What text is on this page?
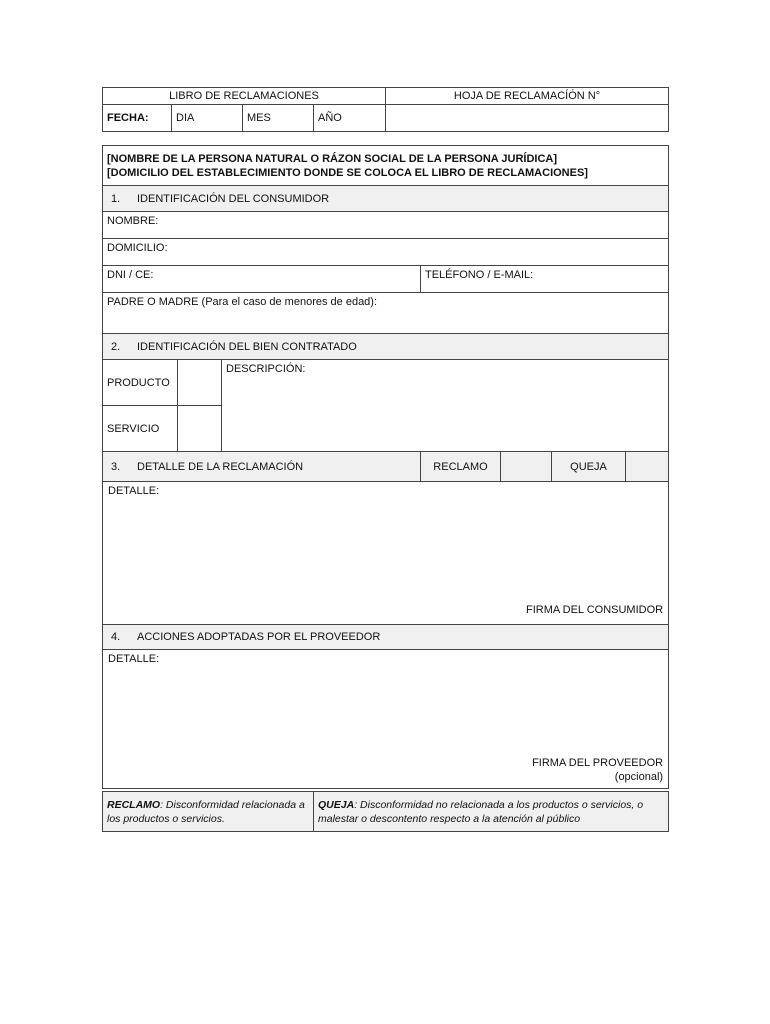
LIBRO DE RECLAMACIONES				HOJA DE RECLAMACÍÓN N°
FECHA:	DIA	MES	AÑO	
[NOMBRE DE LA PERSONA NATURAL O RÁZON SOCIAL DE LA PERSONA JURÍDICA]
[DOMICILIO DEL ESTABLECIMIENTO DONDE SE COLOCA EL LIBRO DE RECLAMACIONES]						

1. IDENTIFICACIÓN DEL CONSUMIDOR						
NOMBRE:						
DOMICILIO:						
DNI / CE:			TELÉFONO / E-MAIL:			
PADRE O MADRE (Para el caso de menores de edad):						
2. IDENTIFICACIÓN DEL BIEN CONTRATADO						
PRODUCTO		DESCRIPCIÓN:				
SERVICIO						
3. DETALLE DE LA RECLAMACIÓN			RECLAMO		QUEJA	

DETALLE:
FIRMA DEL CONSUMIDOR						

4. ACCIONES ADOPTADAS POR EL PROVEEDOR						

DETALLE:
FIRMA DEL PROVEEDOR
(opcional)						
RECLAMO: Disconformidad relacionada a los productos o servicios.	QUEJA: Disconformidad no relacionada a los productos o servicios, o malestar o descontento respecto a la atención al público
